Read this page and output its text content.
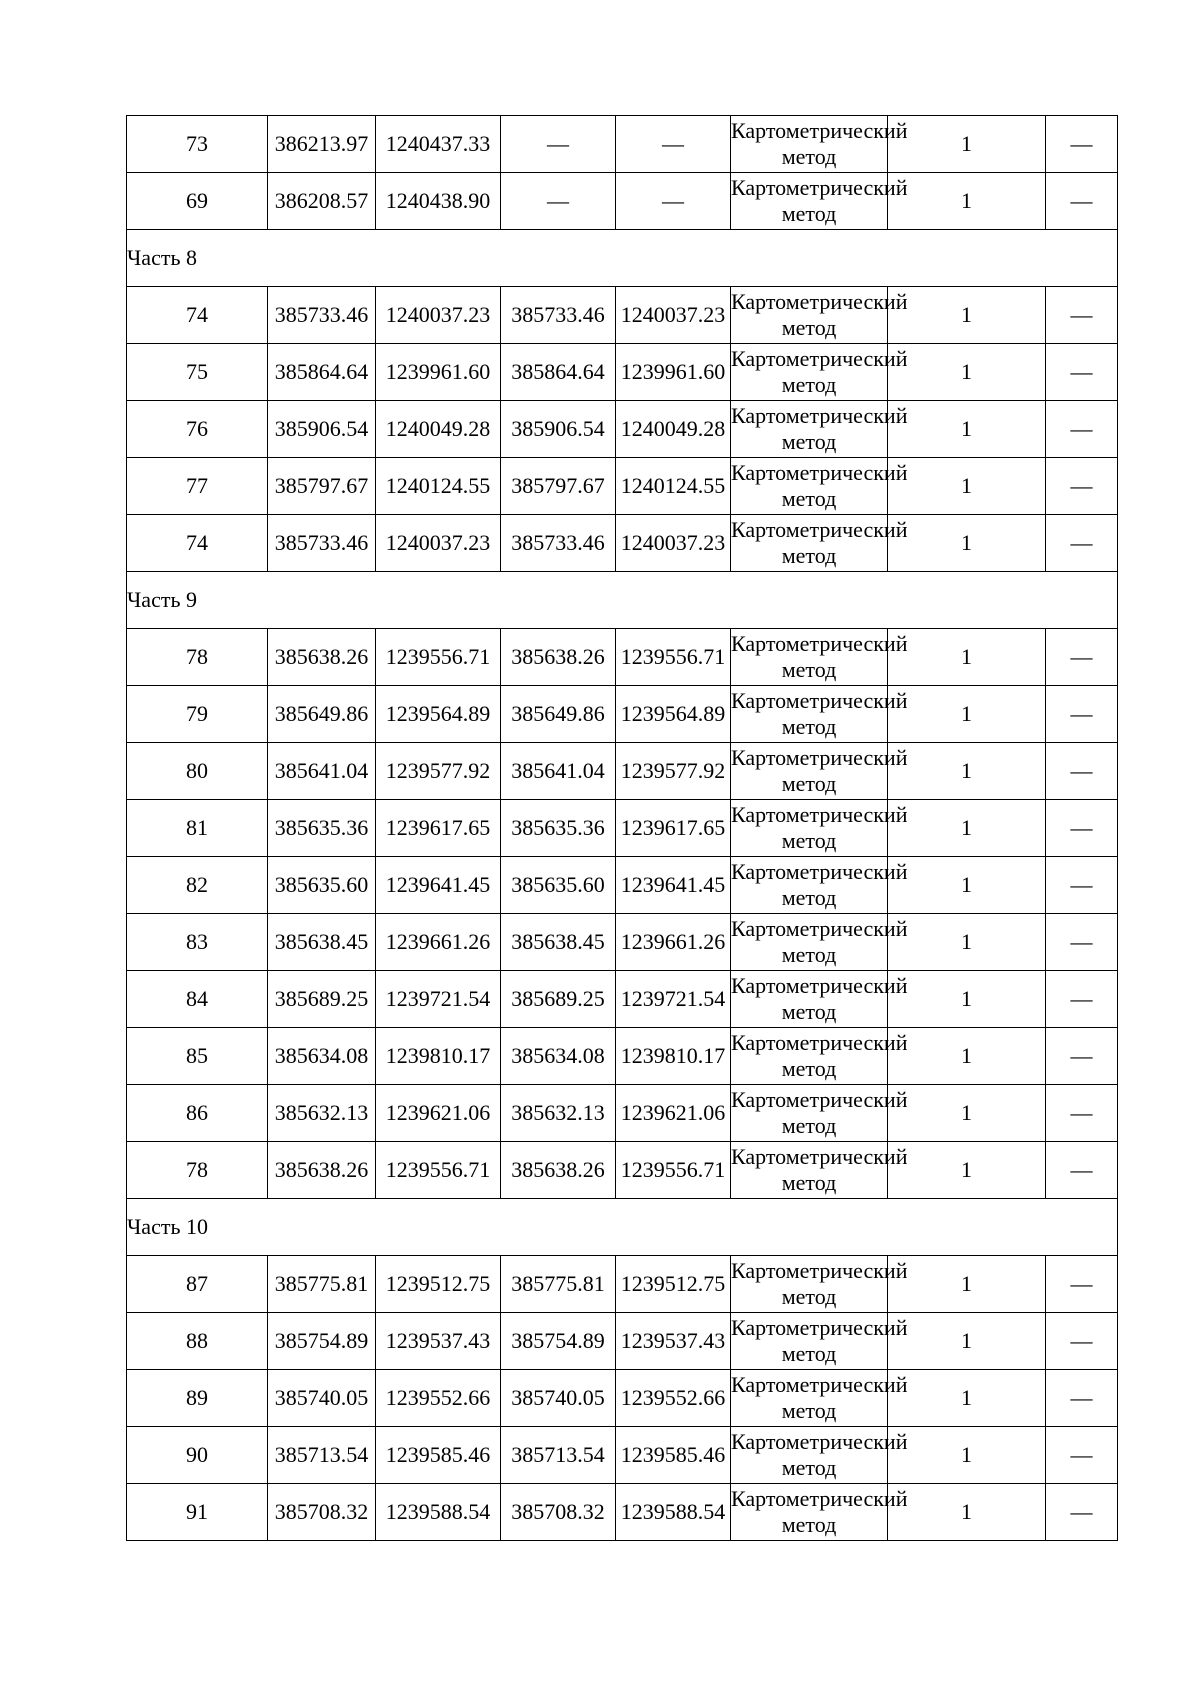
73	386213.97	1240437.33	—	—	Картометрический метод	1	—
69	386208.57	1240438.90	—	—	Картометрический метод	1	—
Часть 8							
74	385733.46	1240037.23	385733.46	1240037.23	Картометрический метод	1	—
75	385864.64	1239961.60	385864.64	1239961.60	Картометрический метод	1	—
76	385906.54	1240049.28	385906.54	1240049.28	Картометрический метод	1	—
77	385797.67	1240124.55	385797.67	1240124.55	Картометрический метод	1	—
74	385733.46	1240037.23	385733.46	1240037.23	Картометрический метод	1	—
Часть 9							
78	385638.26	1239556.71	385638.26	1239556.71	Картометрический метод	1	—
79	385649.86	1239564.89	385649.86	1239564.89	Картометрический метод	1	—
80	385641.04	1239577.92	385641.04	1239577.92	Картометрический метод	1	—
81	385635.36	1239617.65	385635.36	1239617.65	Картометрический метод	1	—
82	385635.60	1239641.45	385635.60	1239641.45	Картометрический метод	1	—
83	385638.45	1239661.26	385638.45	1239661.26	Картометрический метод	1	—
84	385689.25	1239721.54	385689.25	1239721.54	Картометрический метод	1	—
85	385634.08	1239810.17	385634.08	1239810.17	Картометрический метод	1	—
86	385632.13	1239621.06	385632.13	1239621.06	Картометрический метод	1	—
78	385638.26	1239556.71	385638.26	1239556.71	Картометрический метод	1	—
Часть 10							
87	385775.81	1239512.75	385775.81	1239512.75	Картометрический метод	1	—
88	385754.89	1239537.43	385754.89	1239537.43	Картометрический метод	1	—
89	385740.05	1239552.66	385740.05	1239552.66	Картометрический метод	1	—
90	385713.54	1239585.46	385713.54	1239585.46	Картометрический метод	1	—
91	385708.32	1239588.54	385708.32	1239588.54	Картометрический метод	1	—
